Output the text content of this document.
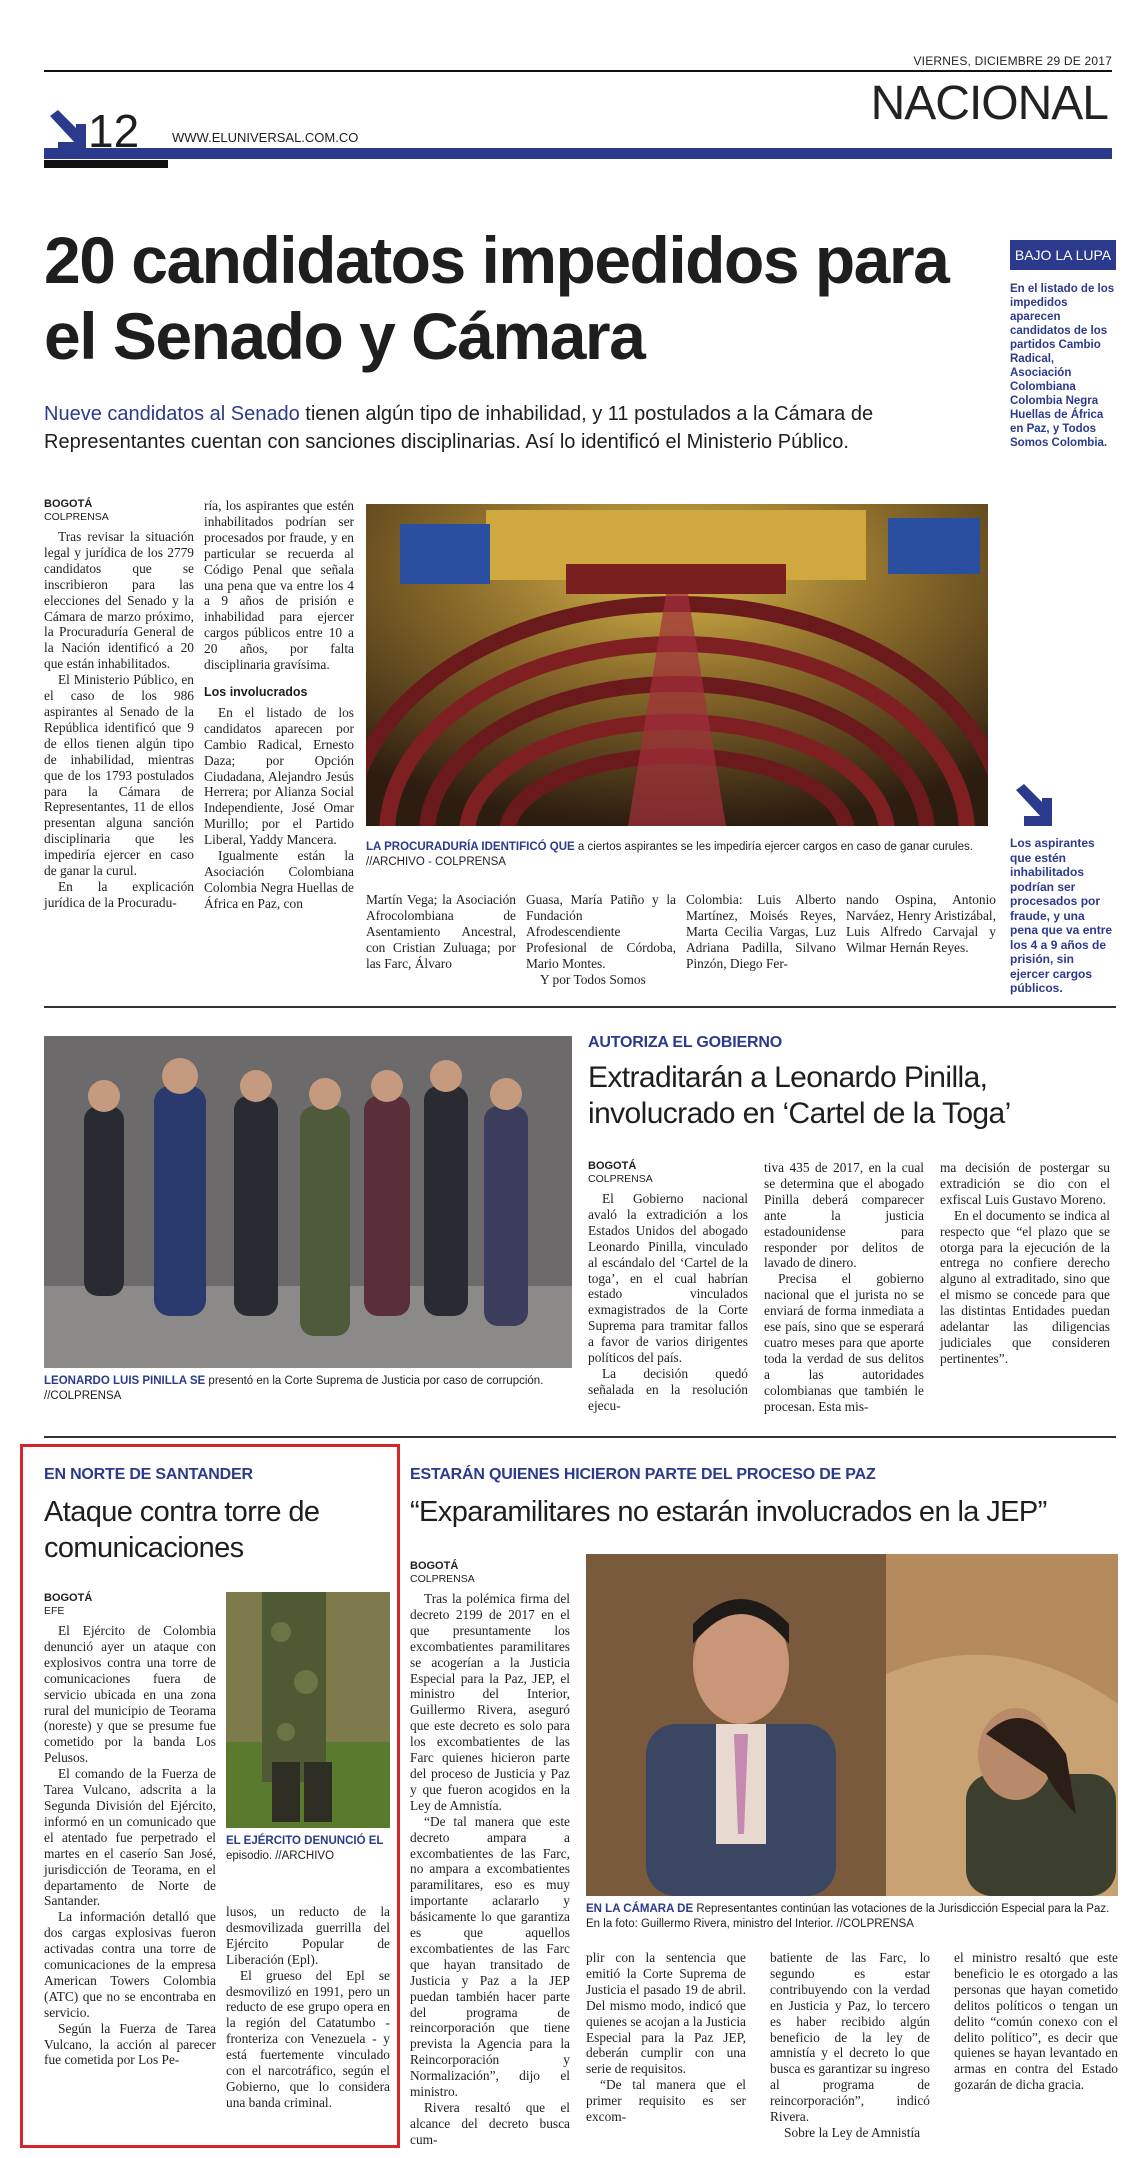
VIERNES, DICIEMBRE 29 DE 2017
NACIONAL
12	WWW.ELUNIVERSAL.COM.CO
20 candidatos impedidos para el Senado y Cámara
Nueve candidatos al Senado tienen algún tipo de inhabilidad, y 11 postulados a la Cámara de Representantes cuentan con sanciones disciplinarias. Así lo identificó el Ministerio Público.
BAJO LA LUPA
En el listado de los impedidos aparecen candidatos de los partidos Cambio Radical, Asociación Colombiana Colombia Negra Huellas de África en Paz, y Todos Somos Colombia.
BOGOTÁ
COLPRENSA

Tras revisar la situación legal y jurídica de los 2779 candidatos que se inscribieron para las elecciones del Senado y la Cámara de marzo próximo, la Procuraduría General de la Nación identificó a 20 que están inhabilitados.

El Ministerio Público, en el caso de los 986 aspirantes al Senado de la República identificó que 9 de ellos tienen algún tipo de inhabilidad, mientras que de los 1793 postulados para la Cámara de Representantes, 11 de ellos presentan alguna sanción disciplinaria que les impediría ejercer en caso de ganar la curul.

En la explicación jurídica de la Procuradu-

ría, los aspirantes que estén inhabilitados podrían ser procesados por fraude, y en particular se recuerda al Código Penal que señala una pena que va entre los 4 a 9 años de prisión e inhabilidad para ejercer cargos públicos entre 10 a 20 años, por falta disciplinaria gravísima.

Los involucrados

En el listado de los candidatos aparecen por Cambio Radical, Ernesto Daza; por Opción Ciudadana, Alejandro Jesús Herrera; por Alianza Social Independiente, José Omar Murillo; por el Partido Liberal, Yaddy Mancera.

Igualmente están la Asociación Colombiana Colombia Negra Huellas de África en Paz, con

LA PROCURADURÍA IDENTIFICÓ QUE a ciertos aspirantes se les impediría ejercer cargos en caso de ganar curules. //ARCHIVO - COLPRENSA

Martín Vega; la Asociación Afrocolombiana de Asentamiento Ancestral, con Cristian Zuluaga; por las Farc, Álvaro

Guasa, María Patiño y la Fundación Afrodescendiente Profesional de Córdoba, Mario Montes.

Y por Todos Somos

Colombia: Luis Alberto Martínez, Moisés Reyes, Marta Cecilia Vargas, Luz Adriana Padilla, Silvano Pinzón, Diego Fer-

nando Ospina, Antonio Narváez, Henry Aristizábal, Luis Alfredo Carvajal y Wilmar Hernán Reyes.

Los aspirantes que estén inhabilitados podrían ser procesados por fraude, y una pena que va entre los 4 a 9 años de prisión, sin ejercer cargos públicos.
LEONARDO LUIS PINILLA SE presentó en la Corte Suprema de Justicia por caso de corrupción. //COLPRENSA
AUTORIZA EL GOBIERNO
Extraditarán a Leonardo Pinilla, involucrado en ‘Cartel de la Toga’
BOGOTÁ
COLPRENSA

El Gobierno nacional avaló la extradición a los Estados Unidos del abogado Leonardo Pinilla, vinculado al escándalo del ‘Cartel de la toga’, en el cual habrían estado vinculados exmagistrados de la Corte Suprema para tramitar fallos a favor de varios dirigentes políticos del país.

La decisión quedó señalada en la resolución ejecu-

tiva 435 de 2017, en la cual se determina que el abogado Pinilla deberá comparecer ante la justicia estadounidense para responder por delitos de lavado de dinero.

Precisa el gobierno nacional que el jurista no se enviará de forma inmediata a ese país, sino que se esperará cuatro meses para que aporte toda la verdad de sus delitos a las autoridades colombianas que también le procesan. Esta mis-

ma decisión de postergar su extradición se dio con el exfiscal Luis Gustavo Moreno.

En el documento se indica al respecto que “el plazo que se otorga para la ejecución de la entrega no confiere derecho alguno al extraditado, sino que el mismo se concede para que las distintas Entidades puedan adelantar las diligencias judiciales que consideren pertinentes”.

EN NORTE DE SANTANDER
Ataque contra torre de comunicaciones
BOGOTÁ
EFE

El Ejército de Colombia denunció ayer un ataque con explosivos contra una torre de comunicaciones fuera de servicio ubicada en una zona rural del municipio de Teorama (noreste) y que se presume fue cometido por la banda Los Pelusos.

El comando de la Fuerza de Tarea Vulcano, adscrita a la Segunda División del Ejército, informó en un comunicado que el atentado fue perpetrado el martes en el caserío San José, jurisdicción de Teorama, en el departamento de Norte de Santander.

La información detalló que dos cargas explosivas fueron activadas contra una torre de comunicaciones de la empresa American Towers Colombia (ATC) que no se encontraba en servicio.

Según la Fuerza de Tarea Vulcano, la acción al parecer fue cometida por Los Pe-

EL EJÉRCITO DENUNCIÓ EL episodio. //ARCHIVO

lusos, un reducto de la desmovilizada guerrilla del Ejército Popular de Liberación (Epl).

El grueso del Epl se desmovilizó en 1991, pero un reducto de ese grupo opera en la región del Catatumbo - fronteriza con Venezuela - y está fuertemente vinculado con el narcotráfico, según el Gobierno, que lo considera una banda criminal.

ESTARÁN QUIENES HICIERON PARTE DEL PROCESO DE PAZ
“Exparamilitares no estarán involucrados en la JEP”
BOGOTÁ
COLPRENSA

Tras la polémica firma del decreto 2199 de 2017 en el que presuntamente los excombatientes paramilitares se acogerían a la Justicia Especial para la Paz, JEP, el ministro del Interior, Guillermo Rivera, aseguró que este decreto es solo para los excombatientes de las Farc quienes hicieron parte del proceso de Justicia y Paz y que fueron acogidos en la Ley de Amnistía.

“De tal manera que este decreto ampara a excombatientes de las Farc, no ampara a excombatientes paramilitares, eso es muy importante aclararlo y básicamente lo que garantiza es que aquellos excombatientes de las Farc que hayan transitado de Justicia y Paz a la JEP puedan también hacer parte del programa de reincorporación que tiene prevista la Agencia para la Reincorporación y Normalización”, dijo el ministro.

Rivera resaltó que el alcance del decreto busca cum-

EN LA CÁMARA DE Representantes continúan las votaciones de la Jurisdicción Especial para la Paz. En la foto: Guillermo Rivera, ministro del Interior. //COLPRENSA

plir con la sentencia que emitió la Corte Suprema de Justicia el pasado 19 de abril. Del mismo modo, indicó que quienes se acojan a la Justicia Especial para la Paz JEP, deberán cumplir con una serie de requisitos.

“De tal manera que el primer requisito es ser excom-

batiente de las Farc, lo segundo es estar contribuyendo con la verdad en Justicia y Paz, lo tercero es haber recibido algún beneficio de la ley de amnistía y el decreto lo que busca es garantizar su ingreso al programa de reincorporación”, indicó Rivera.

Sobre la Ley de Amnistía

el ministro resaltó que este beneficio le es otorgado a las personas que hayan cometido delitos políticos o tengan un delito “común conexo con el delito político”, es decir que quienes se hayan levantado en armas en contra del Estado gozarán de dicha gracia.
